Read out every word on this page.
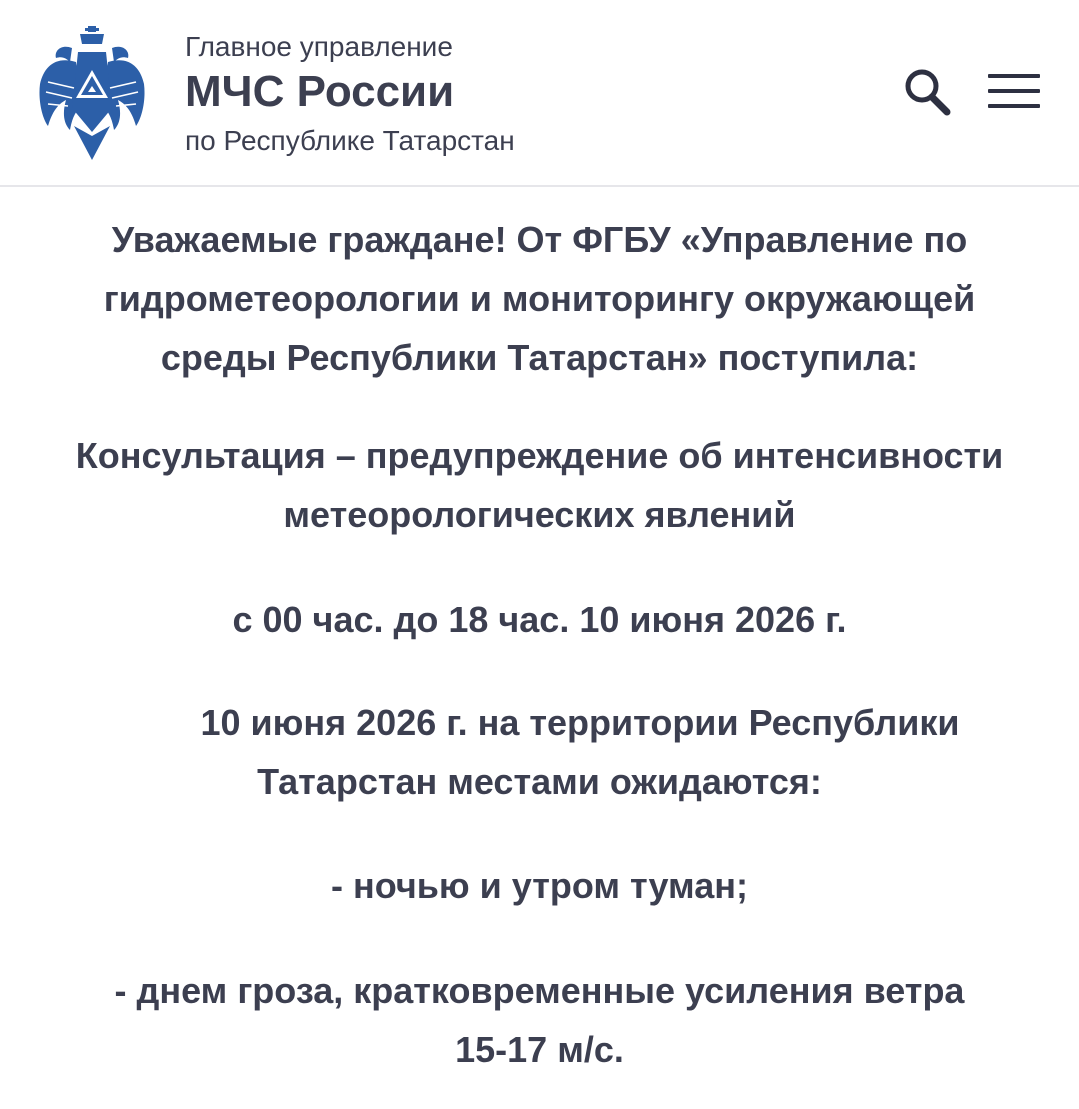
Главное управление
МЧС России
по Республике Татарстан
Уважаемые граждане! От ФГБУ «Управление по
гидрометеорологии и мониторингу окружающей
среды Республики Татарстан» поступила:
Консультация – предупреждение об интенсивности
метеорологических явлений
с 00 час. до 18 час. 10 июня 2026 г.
10 июня 2026 г. на территории Республики
Татарстан местами ожидаются:
- ночью и утром туман;
- днем гроза, кратковременные усиления ветра
15-17 м/с.
